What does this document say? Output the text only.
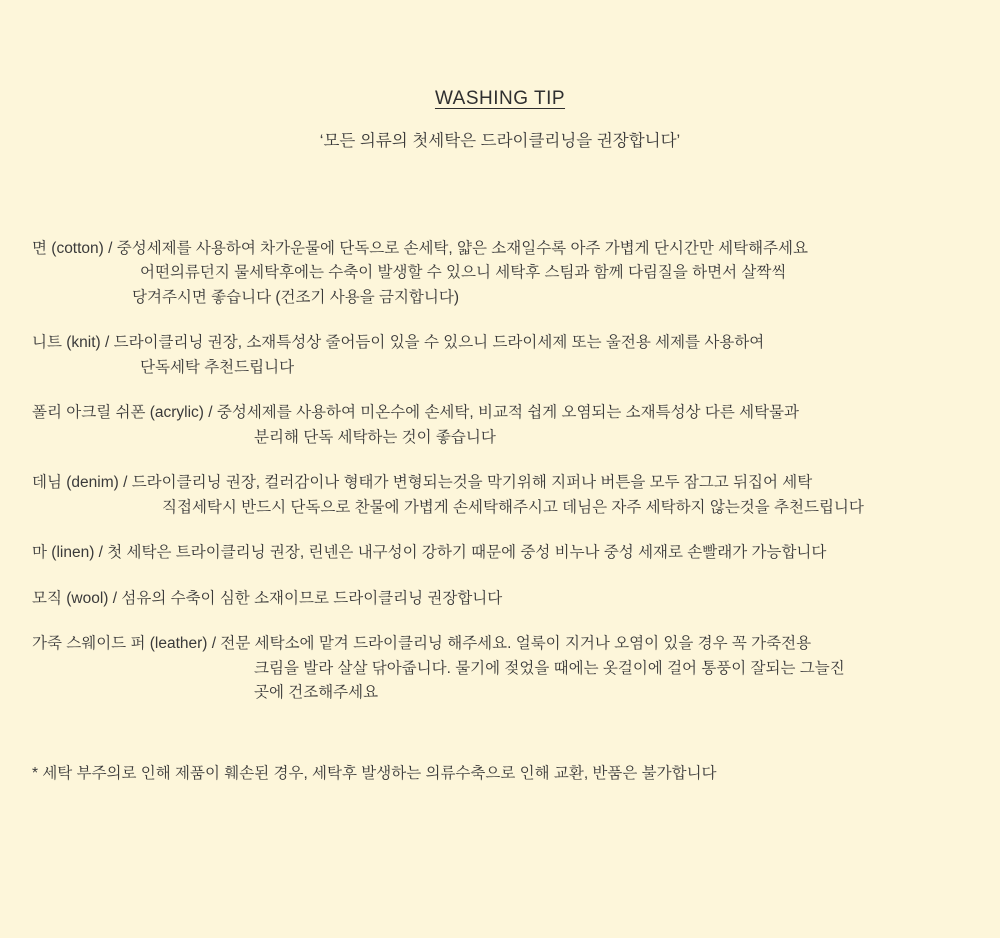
WASHING TIP
‘모든 의류의 첫세탁은 드라이클리닝을 권장합니다’
면 (cotton) / 중성세제를 사용하여 차가운물에 단독으로 손세탁, 얇은 소재일수록 아주 가볍게 단시간만 세탁해주세요
어떤의류던지 물세탁후에는 수축이 발생할 수 있으니 세탁후 스팀과 함께 다림질을 하면서 살짝씩
당겨주시면 좋습니다 (건조기 사용을 금지합니다)
니트 (knit) / 드라이클리닝 권장, 소재특성상 줄어듬이 있을 수 있으니 드라이세제 또는 울전용 세제를 사용하여
단독세탁 추천드립니다
폴리 아크릴 쉬폰 (acrylic) / 중성세제를 사용하여 미온수에 손세탁, 비교적 쉽게 오염되는 소재특성상 다른 세탁물과
분리해 단독 세탁하는 것이 좋습니다
데님 (denim) / 드라이클리닝 권장, 컬러감이나 형태가 변형되는것을 막기위해 지퍼나 버튼을 모두 잠그고 뒤집어 세탁
직접세탁시 반드시 단독으로 찬물에 가볍게 손세탁해주시고 데님은 자주 세탁하지 않는것을 추천드립니다
마 (linen) / 첫 세탁은 트라이클리닝 권장, 린넨은 내구성이 강하기 때문에 중성 비누나 중성 세재로 손빨래가 가능합니다
모직 (wool) / 섬유의 수축이 심한 소재이므로 드라이클리닝 권장합니다
가죽 스웨이드 퍼 (leather) / 전문 세탁소에 맡겨 드라이클리닝 해주세요. 얼룩이 지거나 오염이 있을 경우 꼭 가죽전용
크림을 발라 살살 닦아줍니다. 물기에 젖었을 때에는 옷걸이에 걸어 통풍이 잘되는 그늘진
곳에 건조해주세요
* 세탁 부주의로 인해 제품이 훼손된 경우, 세탁후 발생하는 의류수축으로 인해 교환, 반품은 불가합니다
